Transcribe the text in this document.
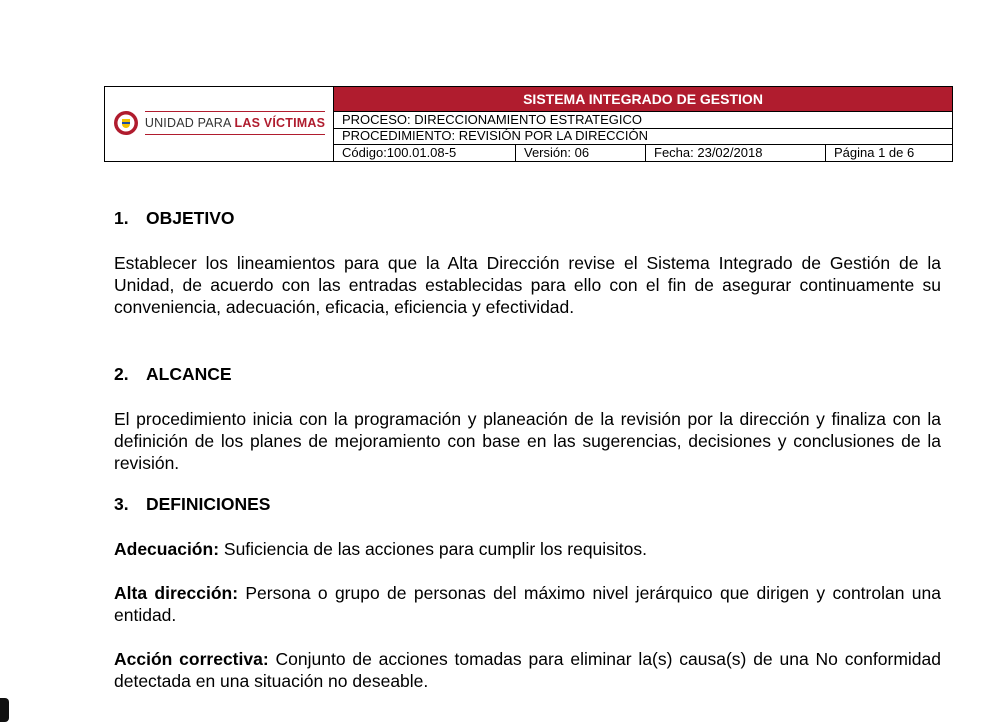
UNIDAD PARA LAS VÍCTIMAS	SISTEMA INTEGRADO DE GESTION			
	PROCESO: DIRECCIONAMIENTO ESTRATEGICO			
	PROCEDIMIENTO: REVISIÓN POR LA DIRECCIÓN			
	Código:100.01.08-5	Versión: 06	Fecha: 23/02/2018	Página 1 de 6
1. OBJETIVO

Establecer los lineamientos para que la Alta Dirección revise el Sistema Integrado de Gestión de la Unidad, de acuerdo con las entradas establecidas para ello con el fin de asegurar continuamente su conveniencia, adecuación, eficacia, eficiencia y efectividad.

2. ALCANCE

El procedimiento inicia con la programación y planeación de la revisión por la dirección y finaliza con la definición de los planes de mejoramiento con base en las sugerencias, decisiones y conclusiones de la revisión.

3. DEFINICIONES

Adecuación: Suficiencia de las acciones para cumplir los requisitos.

Alta dirección: Persona o grupo de personas del máximo nivel jerárquico que dirigen y controlan una entidad.

Acción correctiva: Conjunto de acciones tomadas para eliminar la(s) causa(s) de una No conformidad detectada en una situación no deseable.
